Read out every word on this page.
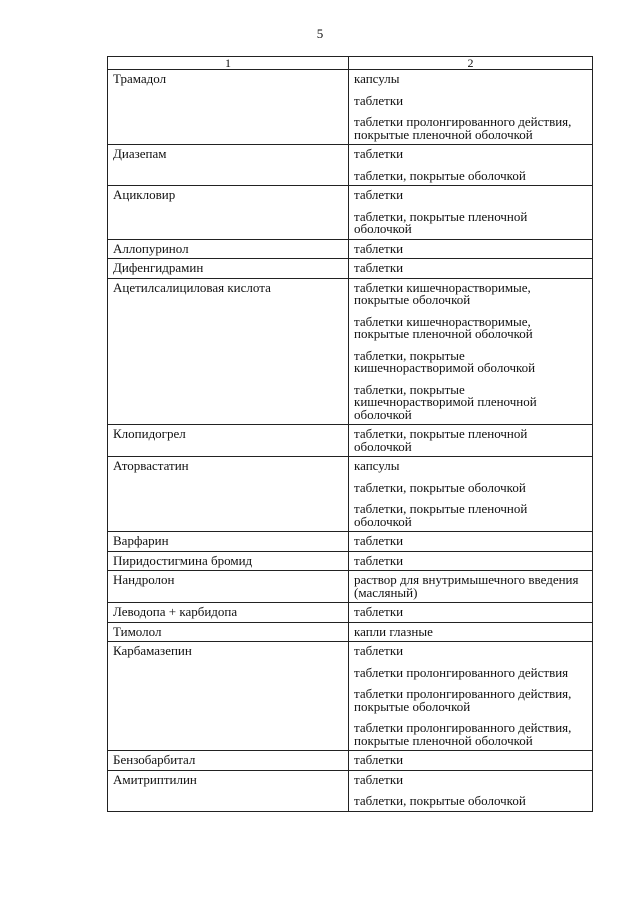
5
1	2

Трамадол	капсулы
таблетки
таблетки пролонгированного действия, покрытые пленочной оболочкой

Диазепам	таблетки
таблетки, покрытые оболочкой

Ацикловир	таблетки
таблетки, покрытые пленочной оболочкой

Аллопуринол	таблетки

Дифенгидрамин	таблетки

Ацетилсалициловая кислота	таблетки кишечнорастворимые, покрытые оболочкой
таблетки кишечнорастворимые, покрытые пленочной оболочкой
таблетки, покрытые кишечнорастворимой оболочкой
таблетки, покрытые кишечнорастворимой пленочной оболочкой

Клопидогрел	таблетки, покрытые пленочной оболочкой

Аторвастатин	капсулы
таблетки, покрытые оболочкой
таблетки, покрытые пленочной оболочкой

Варфарин	таблетки

Пиридостигмина бромид	таблетки

Нандролон	раствор для внутримышечного введения (масляный)

Леводопа + карбидопа	таблетки

Тимолол	капли глазные

Карбамазепин	таблетки
таблетки пролонгированного действия
таблетки пролонгированного действия, покрытые оболочкой
таблетки пролонгированного действия, покрытые пленочной оболочкой

Бензобарбитал	таблетки

Амитриптилин	таблетки
таблетки, покрытые оболочкой
